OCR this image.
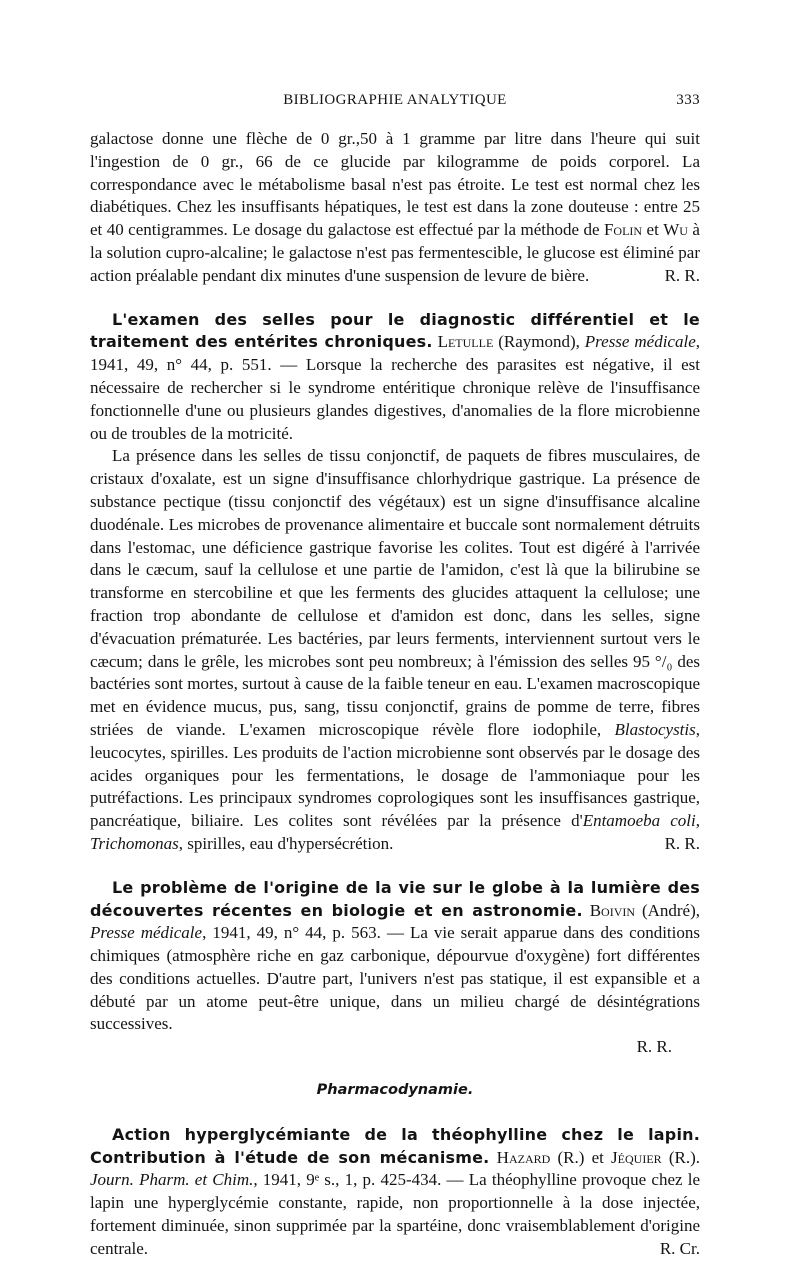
BIBLIOGRAPHIE ANALYTIQUE	333

galactose donne une flèche de 0 gr.,50 à 1 gramme par litre dans l'heure qui suit l'ingestion de 0 gr., 66 de ce glucide par kilogramme de poids corporel. La correspondance avec le métabolisme basal n'est pas étroite. Le test est normal chez les diabétiques. Chez les insuffisants hépatiques, le test est dans la zone douteuse : entre 25 et 40 centigrammes. Le dosage du galactose est effectué par la méthode de Folin et Wu à la solution cupro-alcaline; le galactose n'est pas fermentescible, le glucose est éliminé par action préalable pendant dix minutes d'une suspension de levure de bière.	R. R.

L'examen des selles pour le diagnostic différentiel et le traitement des entérites chroniques. Letulle (Raymond), Presse médicale, 1941, 49, n° 44, p. 551. — Lorsque la recherche des parasites est négative, il est nécessaire de rechercher si le syndrome entéritique chronique relève de l'insuffisance fonctionnelle d'une ou plusieurs glandes digestives, d'anomalies de la flore microbienne ou de troubles de la motricité.

La présence dans les selles de tissu conjonctif, de paquets de fibres musculaires, de cristaux d'oxalate, est un signe d'insuffisance chlorhydrique gastrique. La présence de substance pectique (tissu conjonctif des végétaux) est un signe d'insuffisance alcaline duodénale. Les microbes de provenance alimentaire et buccale sont normalement détruits dans l'estomac, une déficience gastrique favorise les colites. Tout est digéré à l'arrivée dans le cæcum, sauf la cellulose et une partie de l'amidon, c'est là que la bilirubine se transforme en stercobiline et que les ferments des glucides attaquent la cellulose; une fraction trop abondante de cellulose et d'amidon est donc, dans les selles, signe d'évacuation prématurée. Les bactéries, par leurs ferments, interviennent surtout vers le cæcum; dans le grêle, les microbes sont peu nombreux; à l'émission des selles 95 °/₀ des bactéries sont mortes, surtout à cause de la faible teneur en eau. L'examen macroscopique met en évidence mucus, pus, sang, tissu conjonctif, grains de pomme de terre, fibres striées de viande. L'examen microscopique révèle flore iodophile, Blastocystis, leucocytes, spirilles. Les produits de l'action microbienne sont observés par le dosage des acides organiques pour les fermentations, le dosage de l'ammoniaque pour les putréfactions. Les principaux syndromes coprologiques sont les insuffisances gastrique, pancréatique, biliaire. Les colites sont révélées par la présence d'Entamoeba coli, Trichomonas, spirilles, eau d'hypersécrétion.	R. R.

Le problème de l'origine de la vie sur le globe à la lumière des découvertes récentes en biologie et en astronomie. Boivin (André), Presse médicale, 1941, 49, n° 44, p. 563. — La vie serait apparue dans des conditions chimiques (atmosphère riche en gaz carbonique, dépourvue d'oxygène) fort différentes des conditions actuelles. D'autre part, l'univers n'est pas statique, il est expansible et a débuté par un atome peut-être unique, dans un milieu chargé de désintégrations successives.

R. R.

Pharmacodynamie.

Action hyperglycémiante de la théophylline chez le lapin. Contribution à l'étude de son mécanisme. Hazard (R.) et Jéquier (R.). Journ. Pharm. et Chim., 1941, 9ᵉ s., 1, p. 425-434. — La théophylline provoque chez le lapin une hyperglycémie constante, rapide, non proportionnelle à la dose injectée, fortement diminuée, sinon supprimée par la spartéine, donc vraisemblablement d'origine centrale.	R. Cr.
